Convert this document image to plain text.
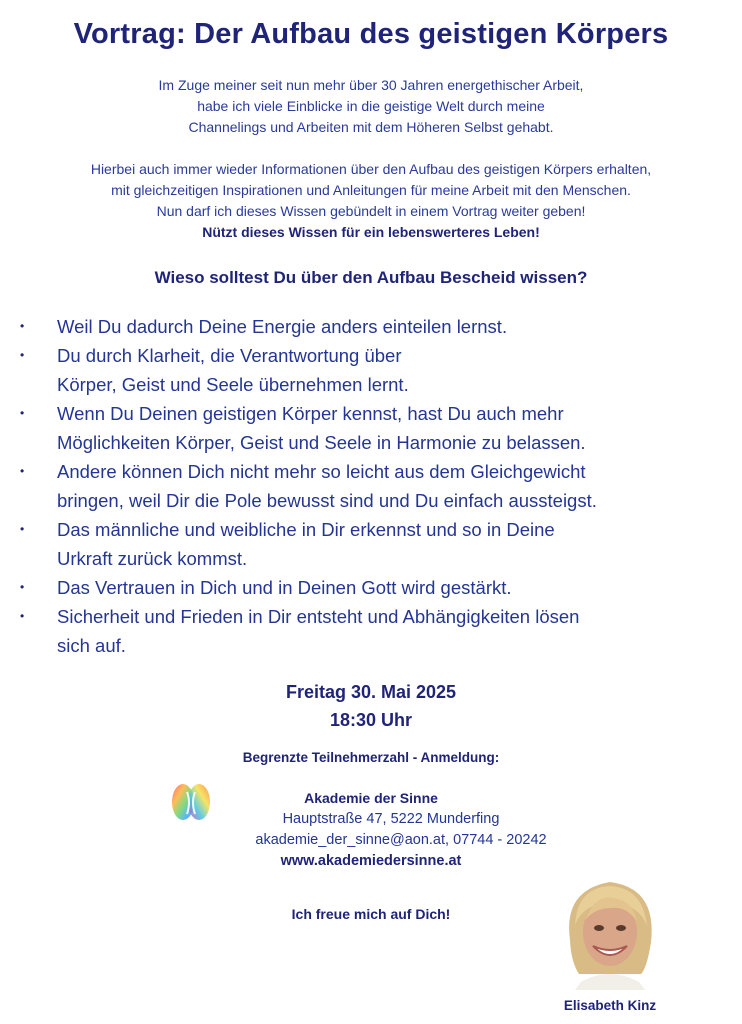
Vortrag: Der Aufbau des geistigen Körpers

Im Zuge meiner seit nun mehr über 30 Jahren energethischer Arbeit,

habe ich viele Einblicke in die geistige Welt durch meine

Channelings und Arbeiten mit dem Höheren Selbst gehabt.

Hierbei auch immer wieder Informationen über den Aufbau des geistigen Körpers erhalten,

mit gleichzeitigen Inspirationen und Anleitungen für meine Arbeit mit den Menschen.

Nun darf ich dieses Wissen gebündelt in einem Vortrag weiter geben!

Nützt dieses Wissen für ein lebenswerteres Leben!

Wieso solltest Du über den Aufbau Bescheid wissen?
• Weil Du dadurch Deine Energie anders einteilen lernst.
• Du durch Klarheit, die Verantwortung über
Körper, Geist und Seele übernehmen lernt.
• Wenn Du Deinen geistigen Körper kennst, hast Du auch mehr
Möglichkeiten Körper, Geist und Seele in Harmonie zu belassen.
• Andere können Dich nicht mehr so leicht aus dem Gleichgewicht
bringen, weil Dir die Pole bewusst sind und Du einfach aussteigst.
• Das männliche und weibliche in Dir erkennst und so in Deine
Urkraft zurück kommst.
• Das Vertrauen in Dich und in Deinen Gott wird gestärkt.
• Sicherheit und Frieden in Dir entsteht und Abhängigkeiten lösen
sich auf.
Freitag 30. Mai 2025
18:30 Uhr
Begrenzte Teilnehmerzahl - Anmeldung:
Akademie der Sinne
Hauptstraße 47, 5222 Munderfing
akademie_der_sinne@aon.at, 07744 - 20242
www.akademiedersinne.at
Ich freue mich auf Dich!
Elisabeth Kinz
